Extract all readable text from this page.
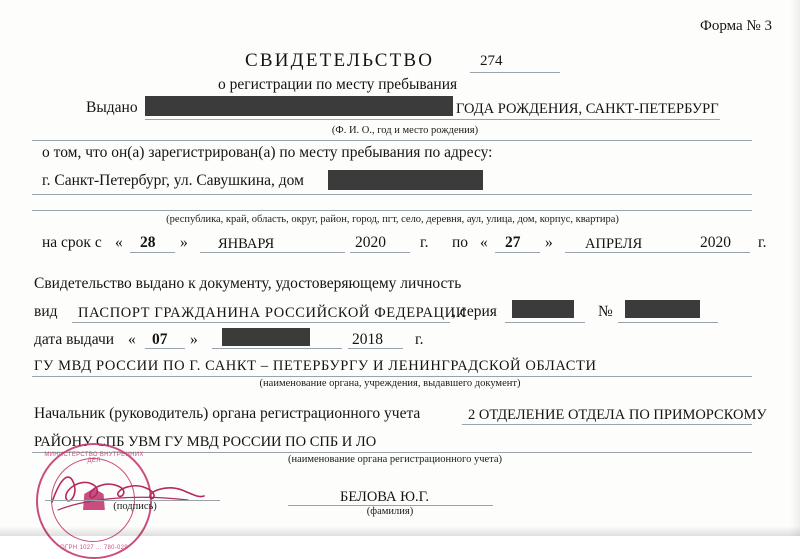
Форма № 3
СВИДЕТЕЛЬСТВО	274
о регистрации по месту пребывания
Выдано	ГОДА РОЖДЕНИЯ, САНКТ-ПЕТЕРБУРГ
(Ф. И. О., год и место рождения)
о том, что он(а) зарегистрирован(а) по месту пребывания по адресу:
г. Санкт-Петербург, ул. Савушкина, дом
(республика, край, область, округ, район, город, пгт, село, деревня, аул, улица, дом, корпус, квартира)
на срок с « 28 » ЯНВАРЯ	2020 г. по « 27 » АПРЕЛЯ	2020 г.
Свидетельство выдано к документу, удостоверяющему личность
вид ПАСПОРТ ГРАЖДАНИНА РОССИЙСКОЙ ФЕДЕРАЦИИ
, серия	№
дата выдачи « 07 »	2018 г.
ГУ МВД РОССИИ ПО Г. САНКТ – ПЕТЕРБУРГУ И ЛЕНИНГРАДСКОЙ ОБЛАСТИ
(наименование органа, учреждения, выдавшего документ)
Начальник (руководитель) органа регистрационного учета	2 ОТДЕЛЕНИЕ ОТДЕЛА ПО ПРИМОРСКОМУ
РАЙОНУ СПБ УВМ ГУ МВД РОССИИ ПО СПБ И ЛО
(наименование органа регистрационного учета)
МИНИСТЕРСТВО ВНУТРЕННИХ ДЕЛ
☗
ОГРН 1027 ... 780-029
(подпись)
БЕЛОВА Ю.Г.
(фамилия)
